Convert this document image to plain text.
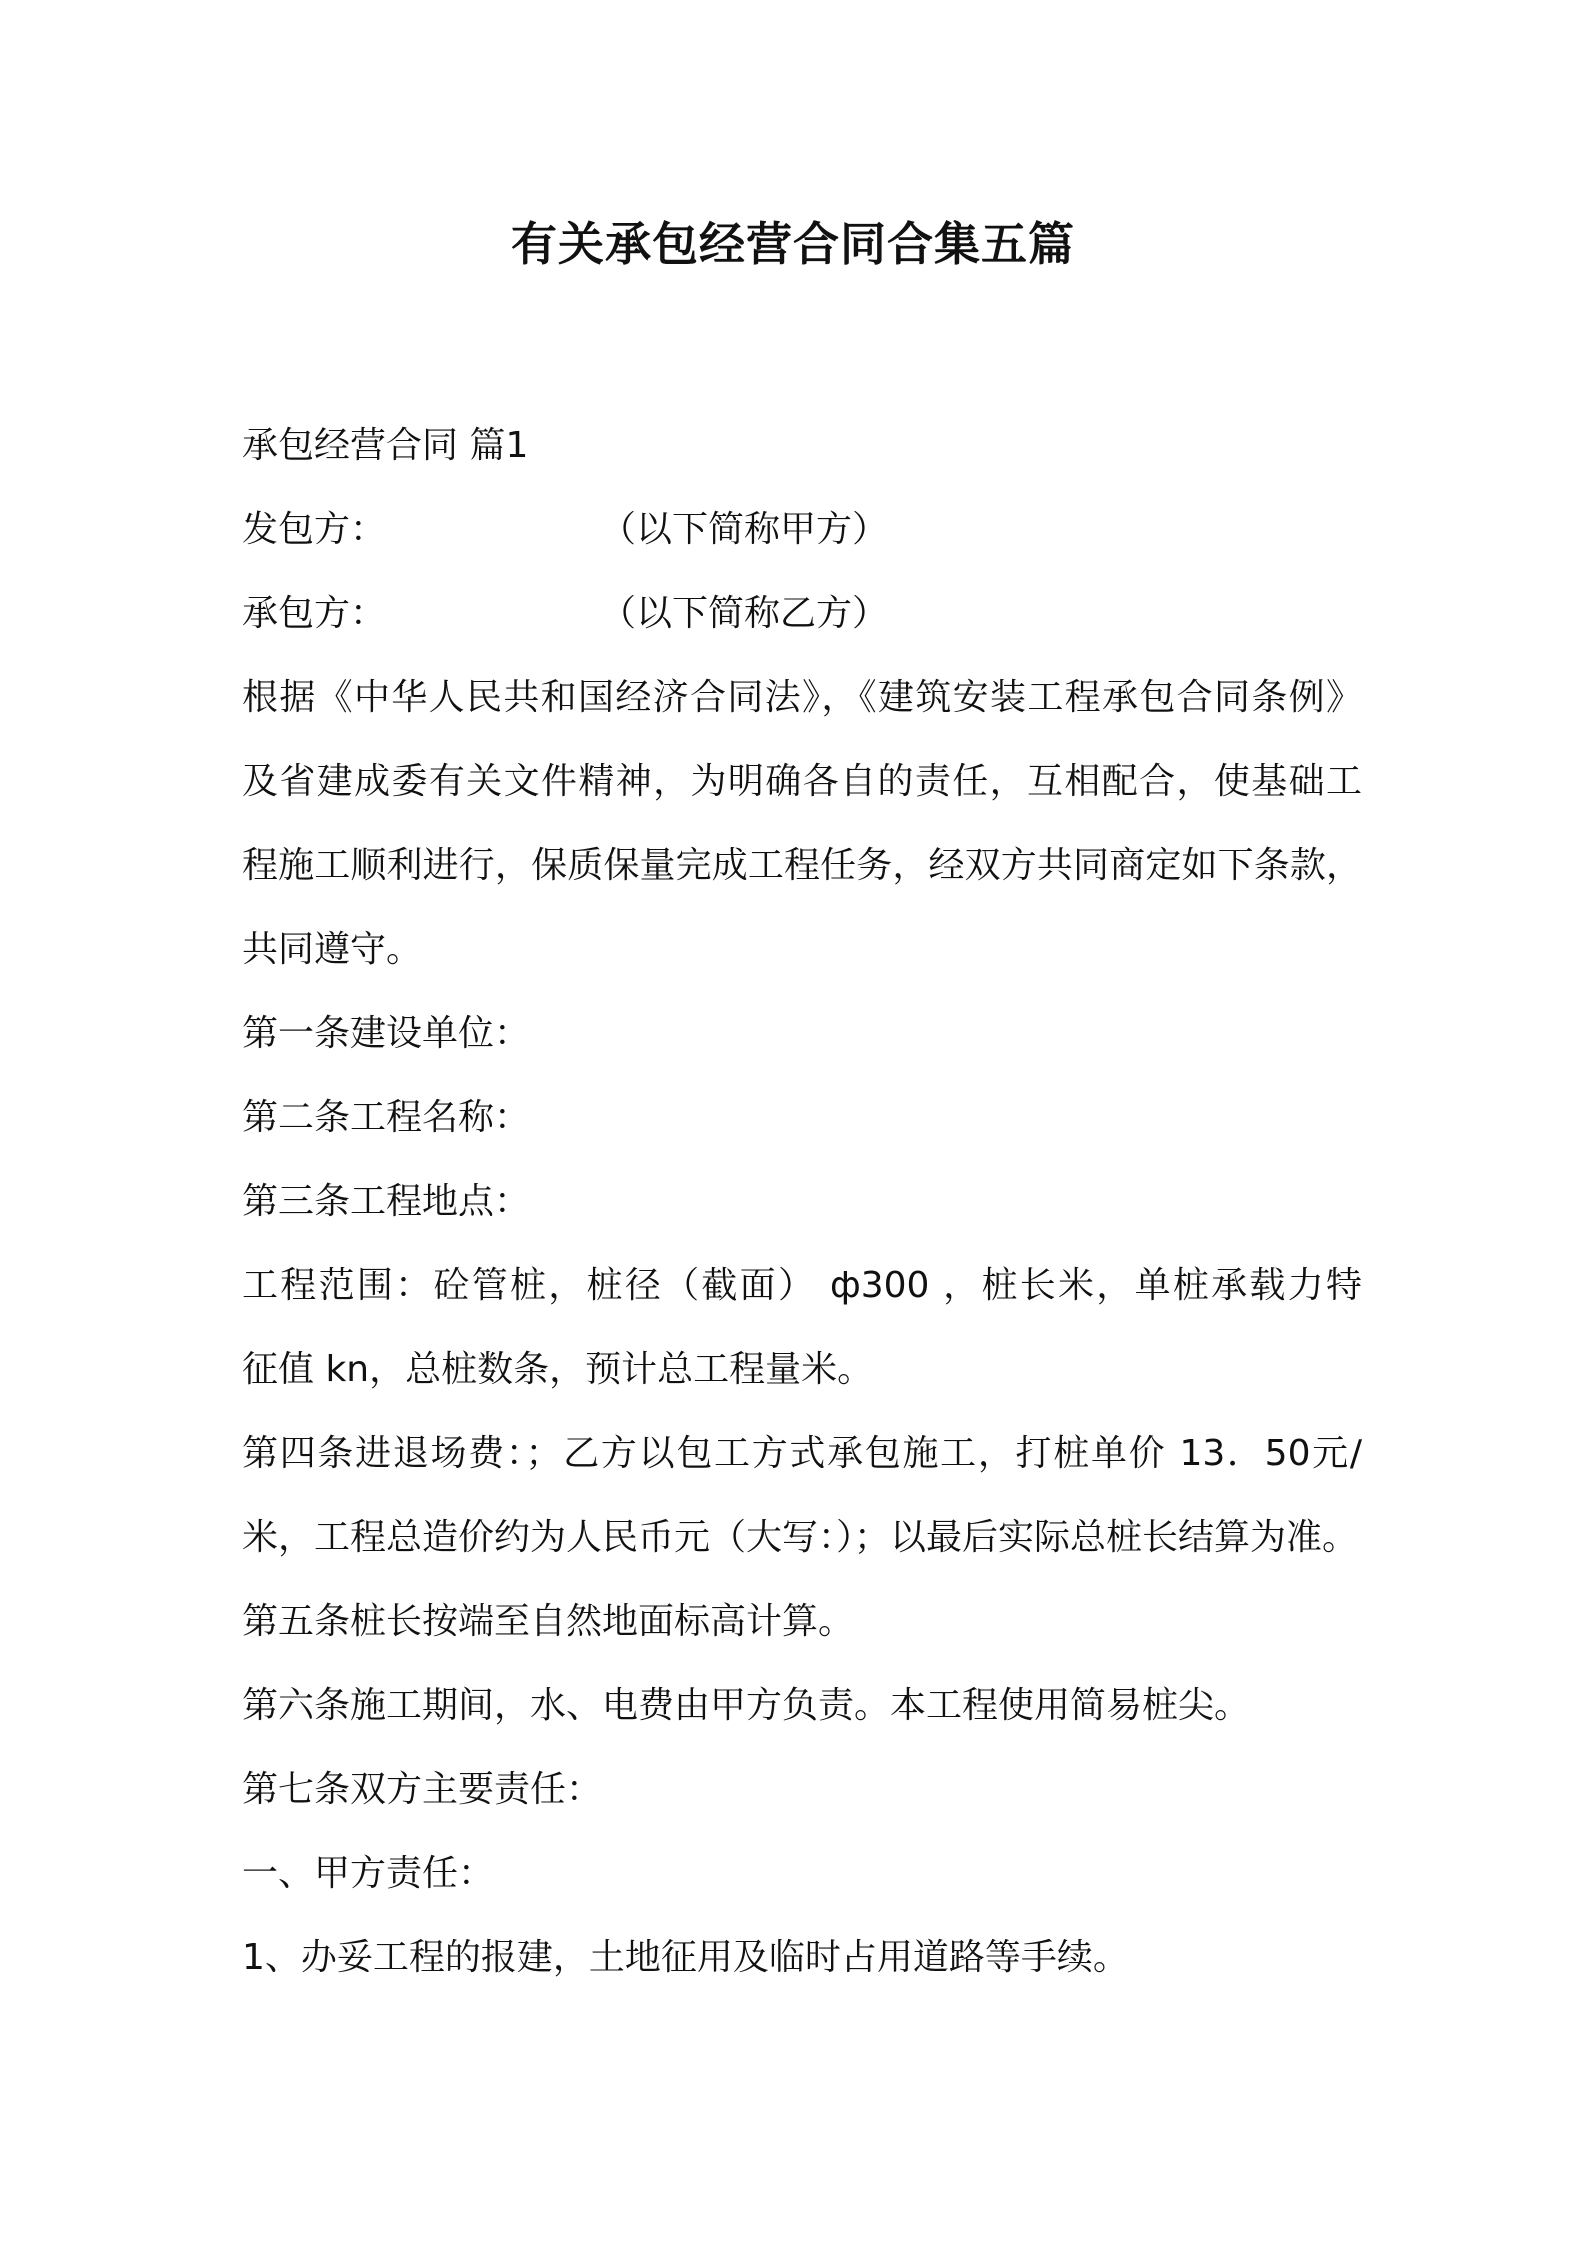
有关承包经营合同合集五篇

承包经营合同 篇1

发包方：	（以下简称甲方）
承包方：	（以下简称乙方）

根据《中华人民共和国经济合同法》，《建筑安装工程承包合同条例》

及省建成委有关文件精神，为明确各自的责任，互相配合，使基础工

程施工顺利进行，保质保量完成工程任务，经双方共同商定如下条款，

共同遵守。

第一条建设单位：

第二条工程名称：

第三条工程地点：

工程范围：砼管桩，桩径（截面） ф300 ，桩长米，单桩承载力特

征值 kn，总桩数条，预计总工程量米。

第四条进退场费：；乙方以包工方式承包施工，打桩单价 13．50元/

米，工程总造价约为人民币元（大写：）；以最后实际总桩长结算为准。

第五条桩长按端至自然地面标高计算。

第六条施工期间，水、电费由甲方负责。本工程使用简易桩尖。

第七条双方主要责任：

一、甲方责任：

1、办妥工程的报建，土地征用及临时占用道路等手续。
